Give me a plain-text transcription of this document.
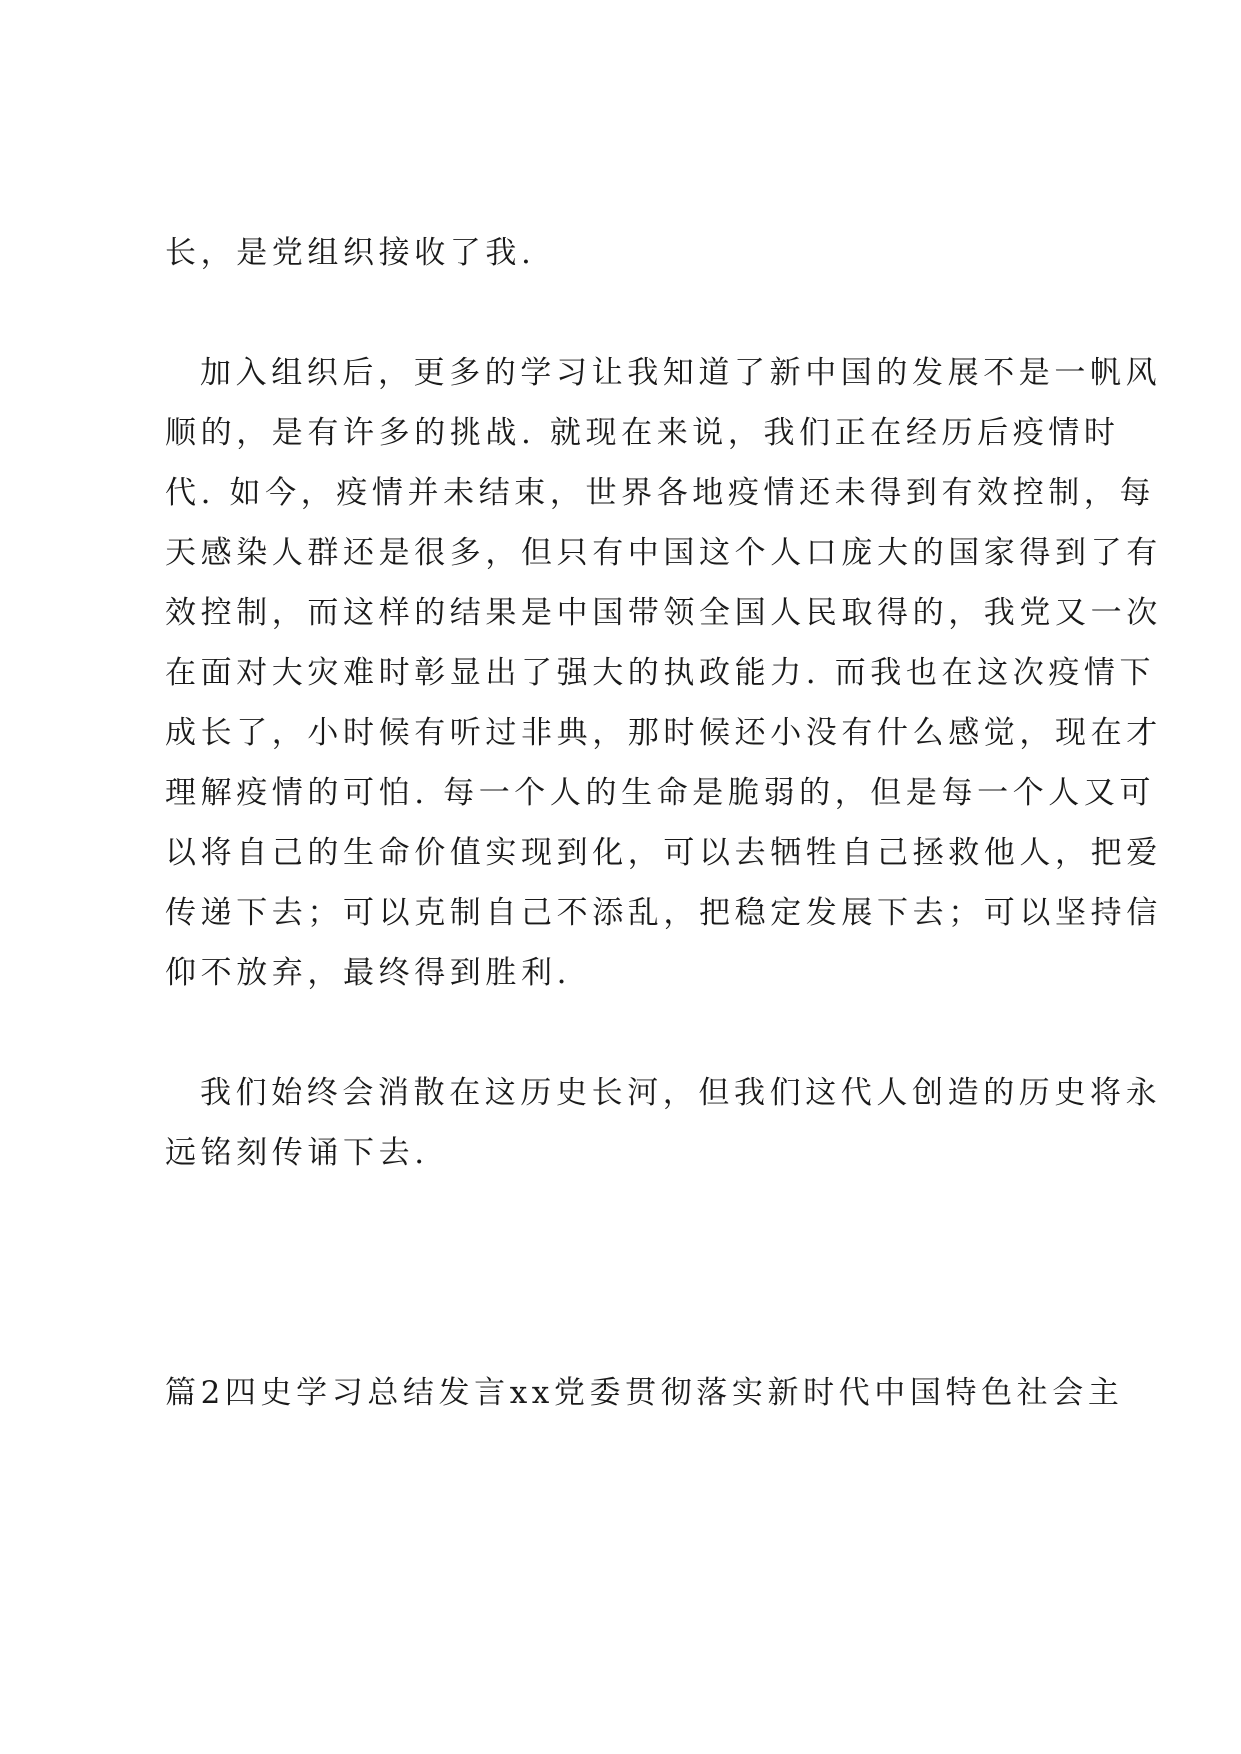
长，是党组织接收了我.
加入组织后，更多的学习让我知道了新中国的发展不是一帆风
顺的，是有许多的挑战. 就现在来说，我们正在经历后疫情时
代. 如今，疫情并未结束，世界各地疫情还未得到有效控制，每
天感染人群还是很多，但只有中国这个人口庞大的国家得到了有
效控制，而这样的结果是中国带领全国人民取得的，我党又一次
在面对大灾难时彰显出了强大的执政能力. 而我也在这次疫情下
成长了，小时候有听过非典，那时候还小没有什么感觉，现在才
理解疫情的可怕. 每一个人的生命是脆弱的，但是每一个人又可
以将自己的生命价值实现到化，可以去牺牲自己拯救他人，把爱
传递下去；可以克制自己不添乱，把稳定发展下去；可以坚持信
仰不放弃，最终得到胜利.
我们始终会消散在这历史长河，但我们这代人创造的历史将永
远铭刻传诵下去.
篇2四史学习总结发言xx党委贯彻落实新时代中国特色社会主
